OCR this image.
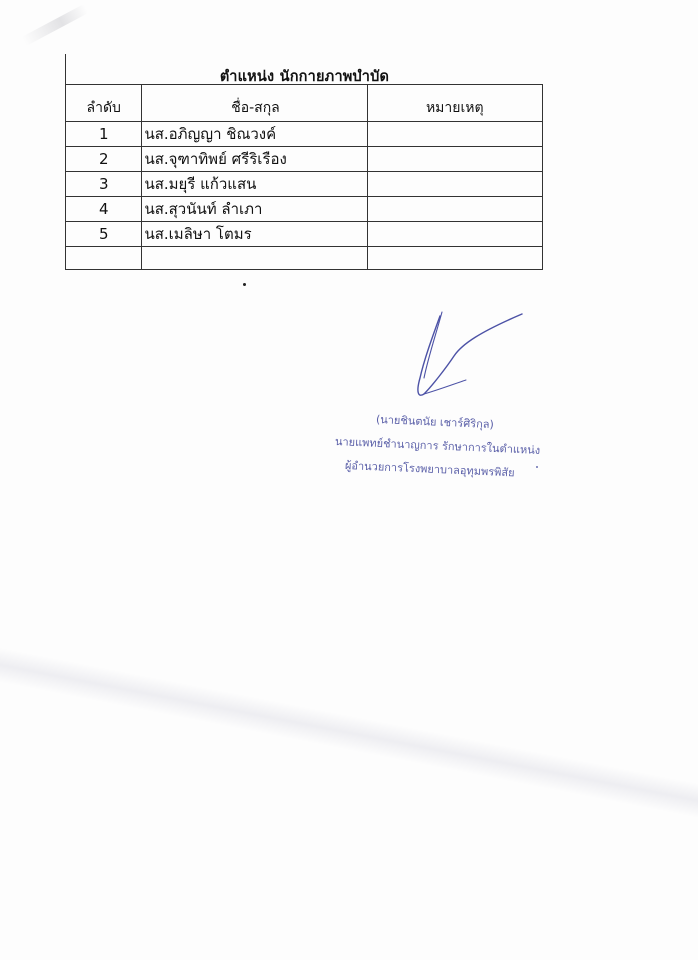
ตำแหน่ง นักกายภาพบำบัด
ลำดับ	ชื่อ-สกุล	หมายเหตุ
1	นส.อภิญญา ชิณวงค์	
2	นส.จุฑาทิพย์ ศรีริเรือง	
3	นส.มยุรี แก้วแสน	
4	นส.สุวนันท์ ลำเภา	
5	นส.เมลิษา โตมร	

(นายชินตนัย เชาร์ศิริกุล)
นายแพทย์ชำนาญการ รักษาการในตำแหน่ง
ผู้อำนวยการโรงพยาบาลอุทุมพรพิสัย
